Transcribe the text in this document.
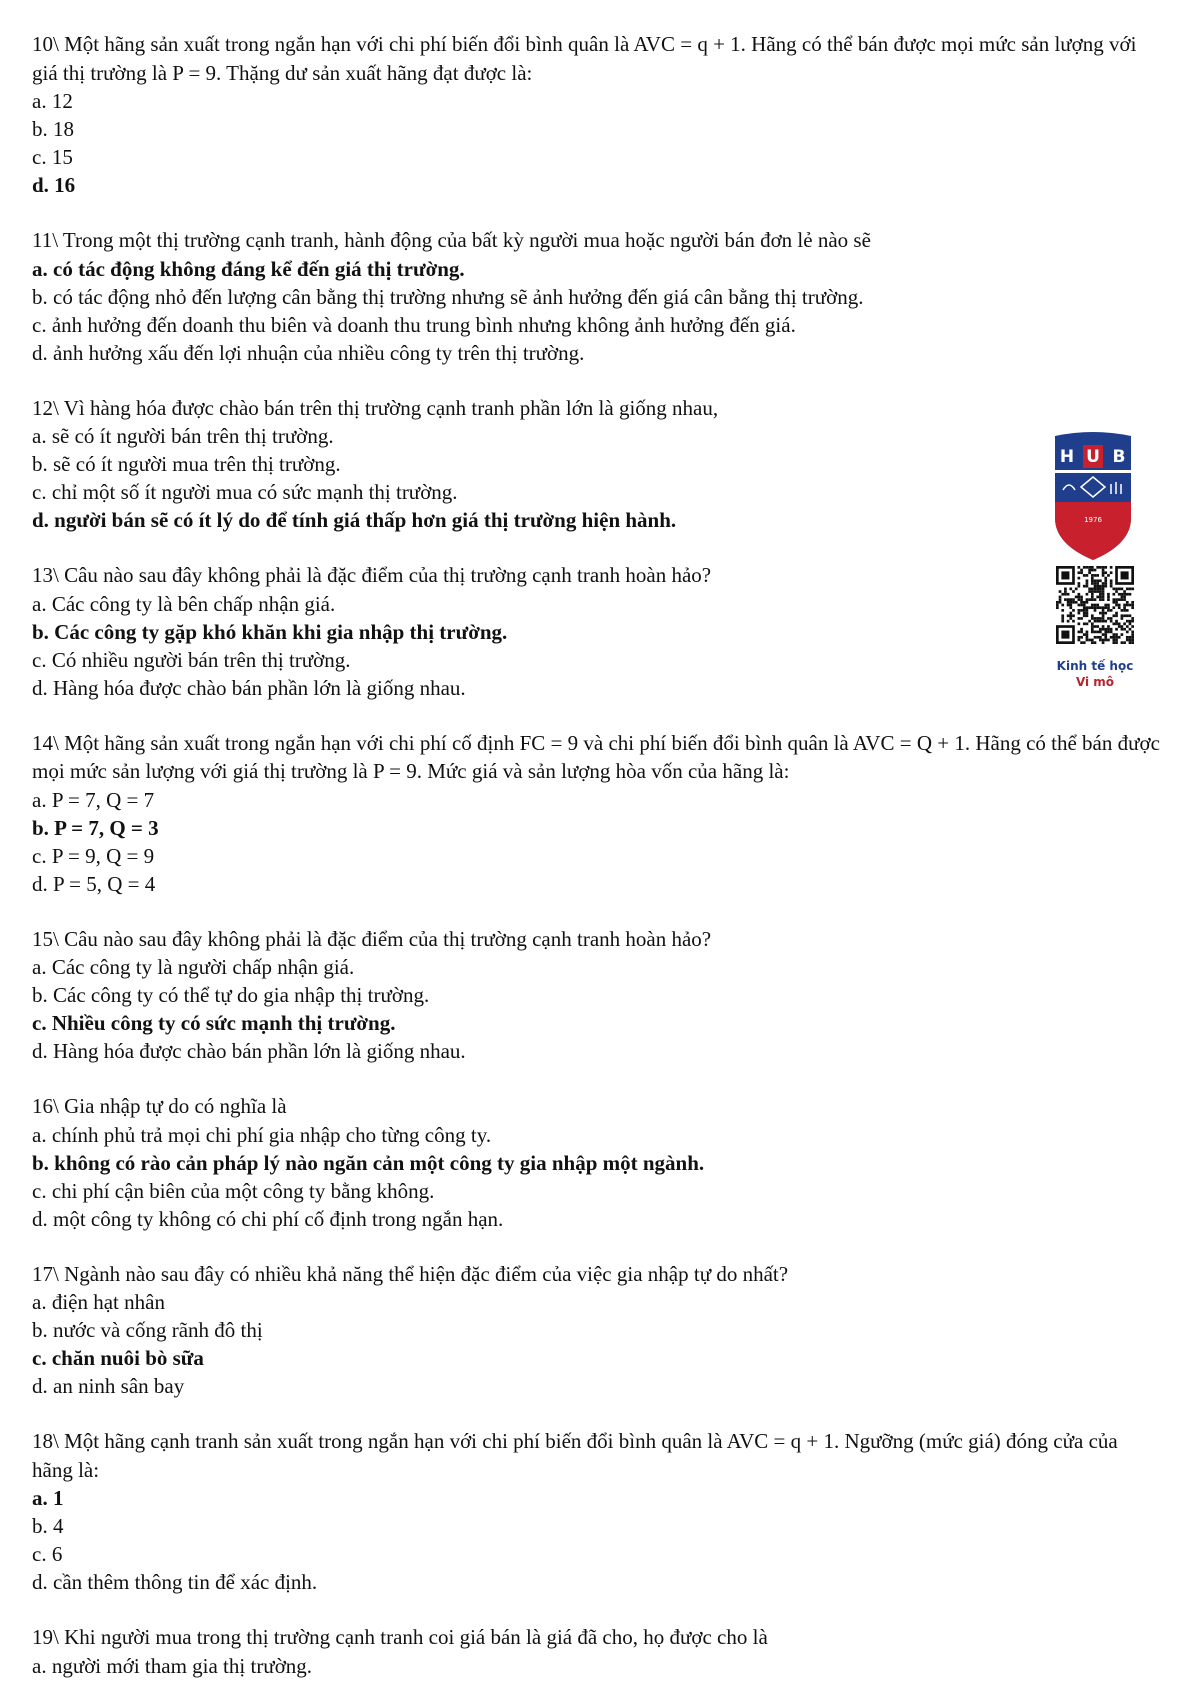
10\ Một hãng sản xuất trong ngắn hạn với chi phí biến đổi bình quân là AVC = q + 1. Hãng có thể bán được mọi mức sản lượng với giá thị trường là P = 9. Thặng dư sản xuất hãng đạt được là:

a. 12

b. 18

c. 15

d. 16

11\ Trong một thị trường cạnh tranh, hành động của bất kỳ người mua hoặc người bán đơn lẻ nào sẽ

a. có tác động không đáng kể đến giá thị trường.

b. có tác động nhỏ đến lượng cân bằng thị trường nhưng sẽ ảnh hưởng đến giá cân bằng thị trường.

c. ảnh hưởng đến doanh thu biên và doanh thu trung bình nhưng không ảnh hưởng đến giá.

d. ảnh hưởng xấu đến lợi nhuận của nhiều công ty trên thị trường.

12\ Vì hàng hóa được chào bán trên thị trường cạnh tranh phần lớn là giống nhau,

a. sẽ có ít người bán trên thị trường.

b. sẽ có ít người mua trên thị trường.

c. chỉ một số ít người mua có sức mạnh thị trường.

d. người bán sẽ có ít lý do để tính giá thấp hơn giá thị trường hiện hành.

13\ Câu nào sau đây không phải là đặc điểm của thị trường cạnh tranh hoàn hảo?

a. Các công ty là bên chấp nhận giá.

b. Các công ty gặp khó khăn khi gia nhập thị trường.

c. Có nhiều người bán trên thị trường.

d. Hàng hóa được chào bán phần lớn là giống nhau.

14\ Một hãng sản xuất trong ngắn hạn với chi phí cố định FC = 9 và chi phí biến đổi bình quân là AVC = Q + 1. Hãng có thể bán được mọi mức sản lượng với giá thị trường là P = 9. Mức giá và sản lượng hòa vốn của hãng là:

a. P = 7, Q = 7

b. P = 7, Q = 3

c. P = 9, Q = 9

d. P = 5, Q = 4

15\ Câu nào sau đây không phải là đặc điểm của thị trường cạnh tranh hoàn hảo?

a. Các công ty là người chấp nhận giá.

b. Các công ty có thể tự do gia nhập thị trường.

c. Nhiều công ty có sức mạnh thị trường.

d. Hàng hóa được chào bán phần lớn là giống nhau.

16\ Gia nhập tự do có nghĩa là

a. chính phủ trả mọi chi phí gia nhập cho từng công ty.

b. không có rào cản pháp lý nào ngăn cản một công ty gia nhập một ngành.

c. chi phí cận biên của một công ty bằng không.

d. một công ty không có chi phí cố định trong ngắn hạn.

17\ Ngành nào sau đây có nhiều khả năng thể hiện đặc điểm của việc gia nhập tự do nhất?

a. điện hạt nhân

b. nước và cống rãnh đô thị

c. chăn nuôi bò sữa

d. an ninh sân bay

18\ Một hãng cạnh tranh sản xuất trong ngắn hạn với chi phí biến đổi bình quân là AVC = q + 1. Ngưỡng (mức giá) đóng cửa của hãng là:

a. 1

b. 4

c. 6

d. cần thêm thông tin để xác định.

19\ Khi người mua trong thị trường cạnh tranh coi giá bán là giá đã cho, họ được cho là

a. người mới tham gia thị trường.

H U B
1976
Kinh tế học
Vi mô
